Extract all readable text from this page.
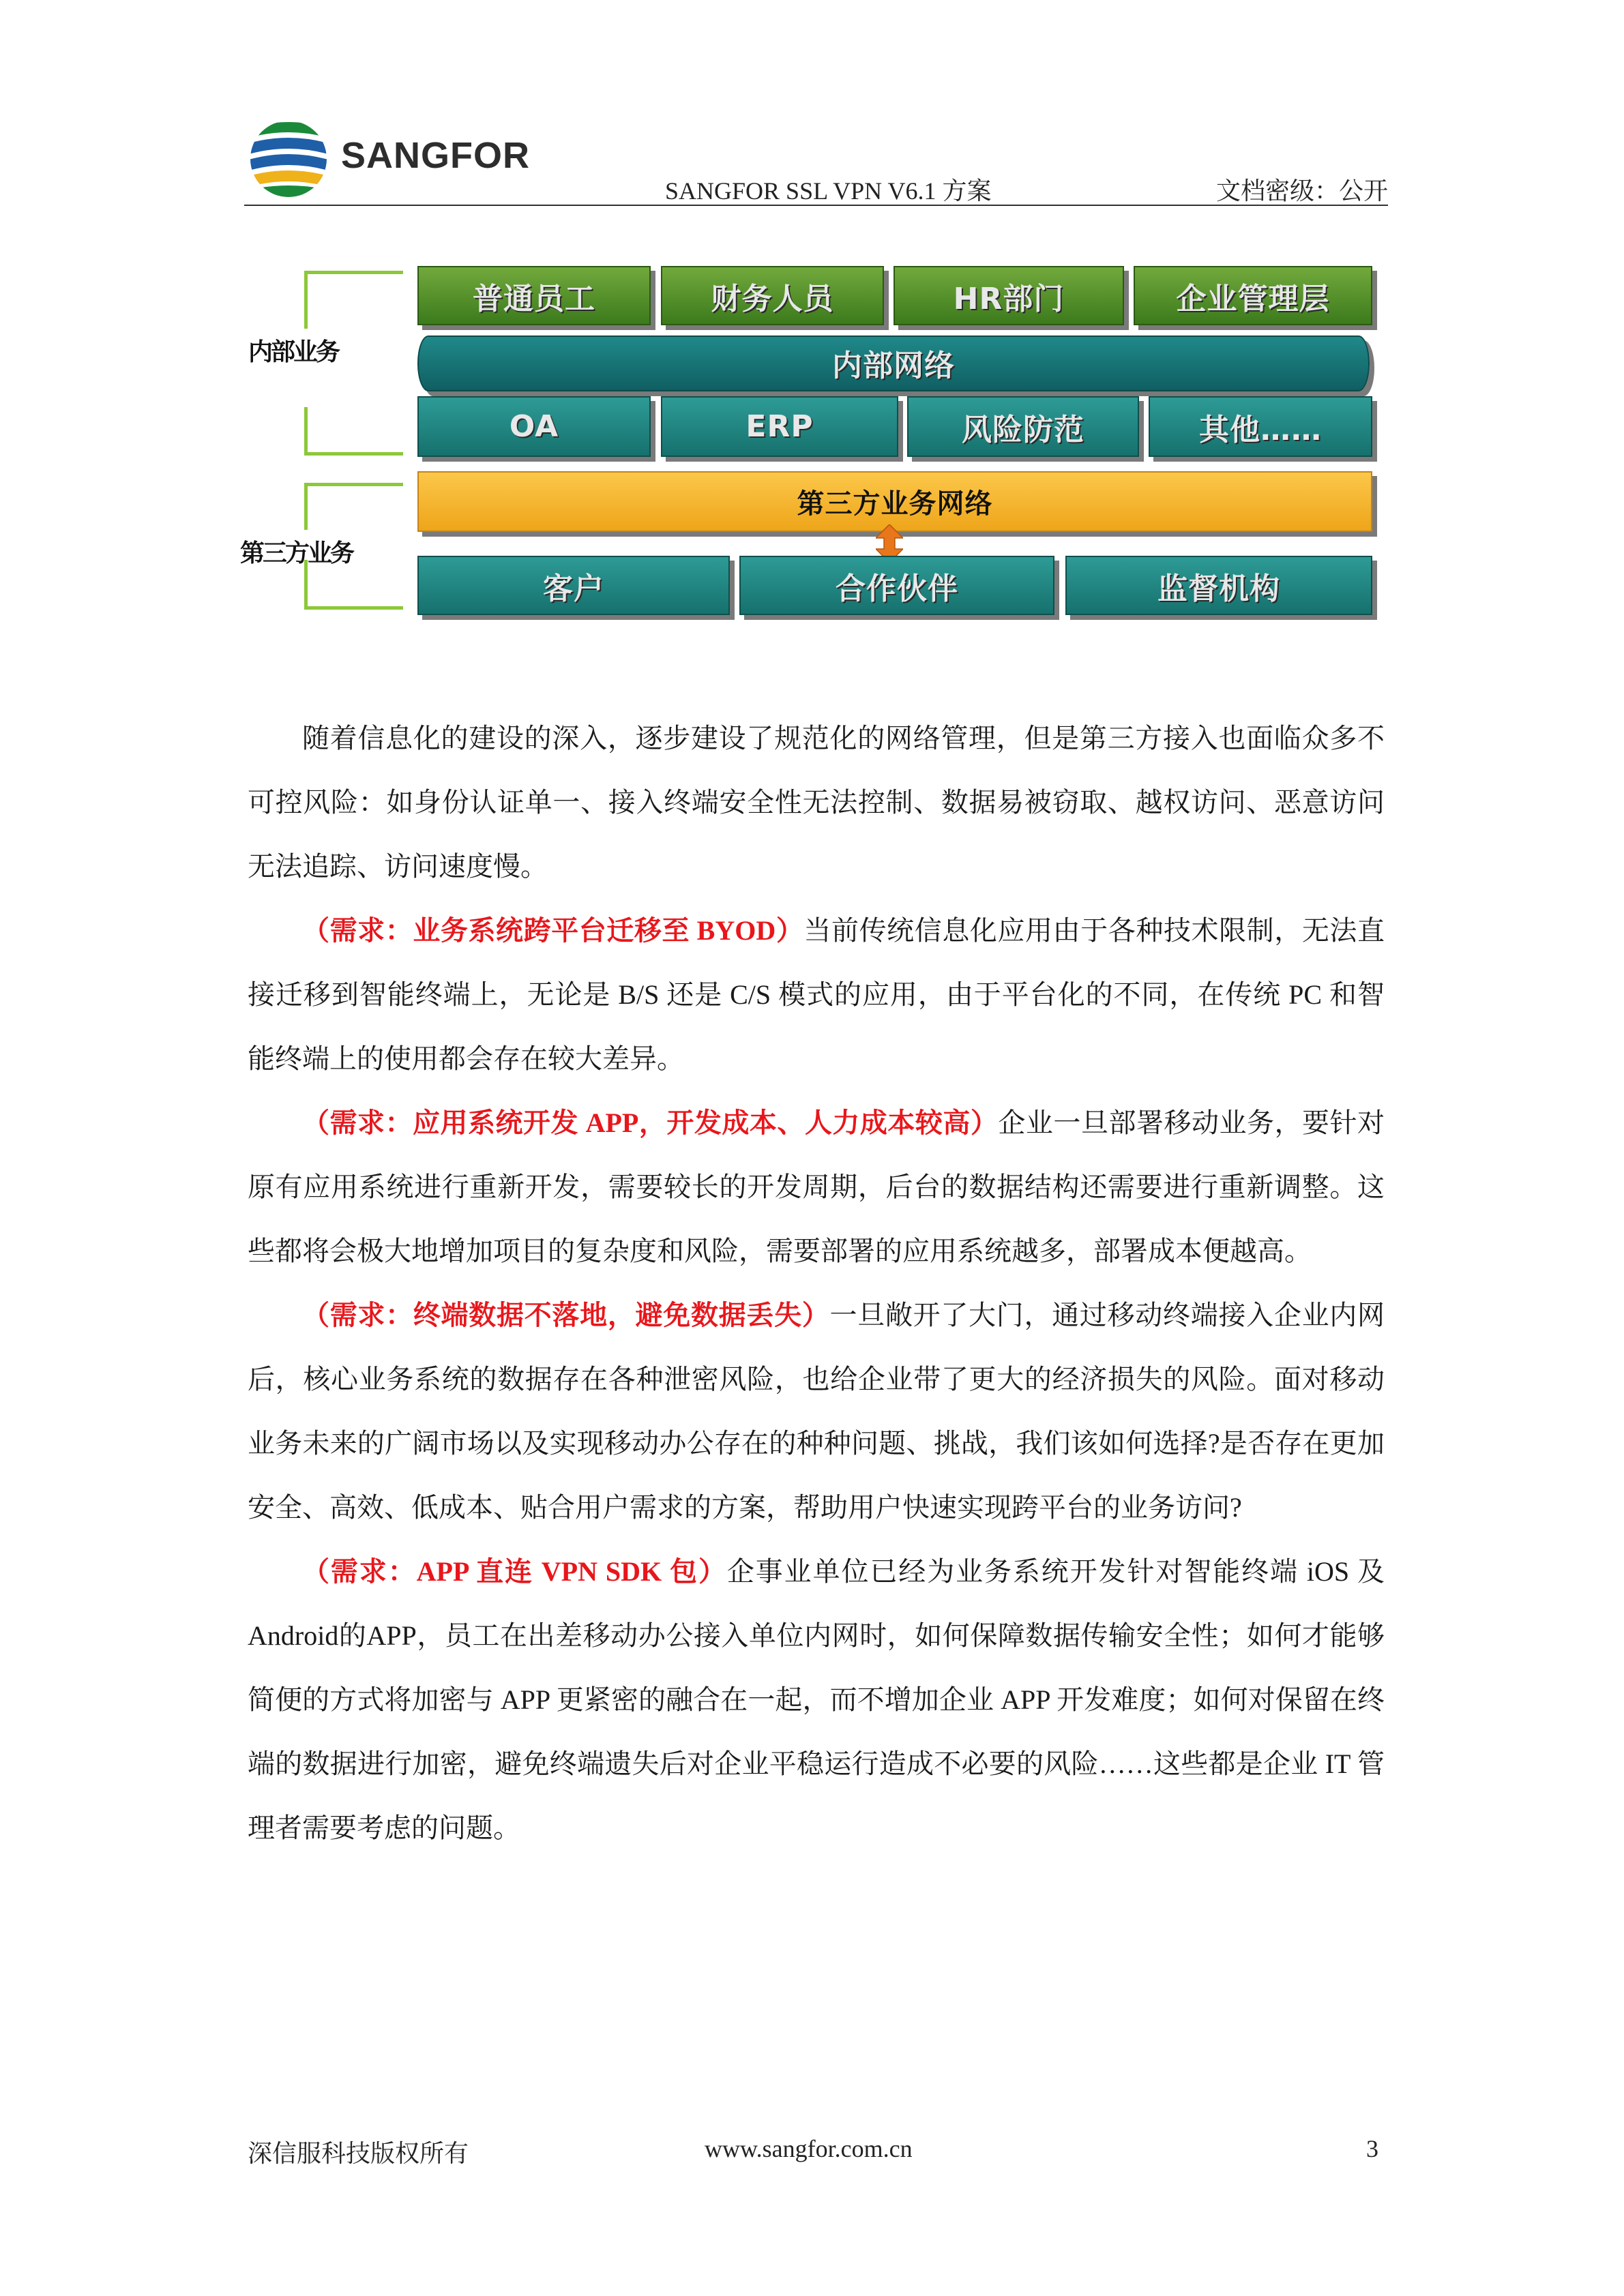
SANGFOR
SANGFOR SSL VPN V6.1 方案	文档密级：公开
内部业务
第三方业务
普通员工	财务人员	HR部门	企业管理层
内部网络
OA	ERP	风险防范	其他……
第三方业务网络
客户	合作伙伴	监督机构

随着信息化的建设的深入，逐步建设了规范化的网络管理，但是第三方接入也面临众多不可控风险：如身份认证单一、接入终端安全性无法控制、数据易被窃取、越权访问、恶意访问无法追踪、访问速度慢。

（需求：业务系统跨平台迁移至 BYOD）当前传统信息化应用由于各种技术限制，无法直接迁移到智能终端上，无论是 B/S 还是 C/S 模式的应用，由于平台化的不同，在传统 PC 和智能终端上的使用都会存在较大差异。

（需求：应用系统开发 APP，开发成本、人力成本较高）企业一旦部署移动业务，要针对原有应用系统进行重新开发，需要较长的开发周期，后台的数据结构还需要进行重新调整。这些都将会极大地增加项目的复杂度和风险，需要部署的应用系统越多，部署成本便越高。

（需求：终端数据不落地，避免数据丢失）一旦敞开了大门，通过移动终端接入企业内网后，核心业务系统的数据存在各种泄密风险，也给企业带了更大的经济损失的风险。面对移动业务未来的广阔市场以及实现移动办公存在的种种问题、挑战，我们该如何选择?是否存在更加安全、高效、低成本、贴合用户需求的方案，帮助用户快速实现跨平台的业务访问?

（需求：APP 直连 VPN SDK 包）企事业单位已经为业务系统开发针对智能终端 iOS 及Android的APP，员工在出差移动办公接入单位内网时，如何保障数据传输安全性；如何才能够简便的方式将加密与 APP 更紧密的融合在一起，而不增加企业 APP 开发难度；如何对保留在终端的数据进行加密，避免终端遗失后对企业平稳运行造成不必要的风险……这些都是企业 IT 管理者需要考虑的问题。

深信服科技版权所有	www.sangfor.com.cn	3
